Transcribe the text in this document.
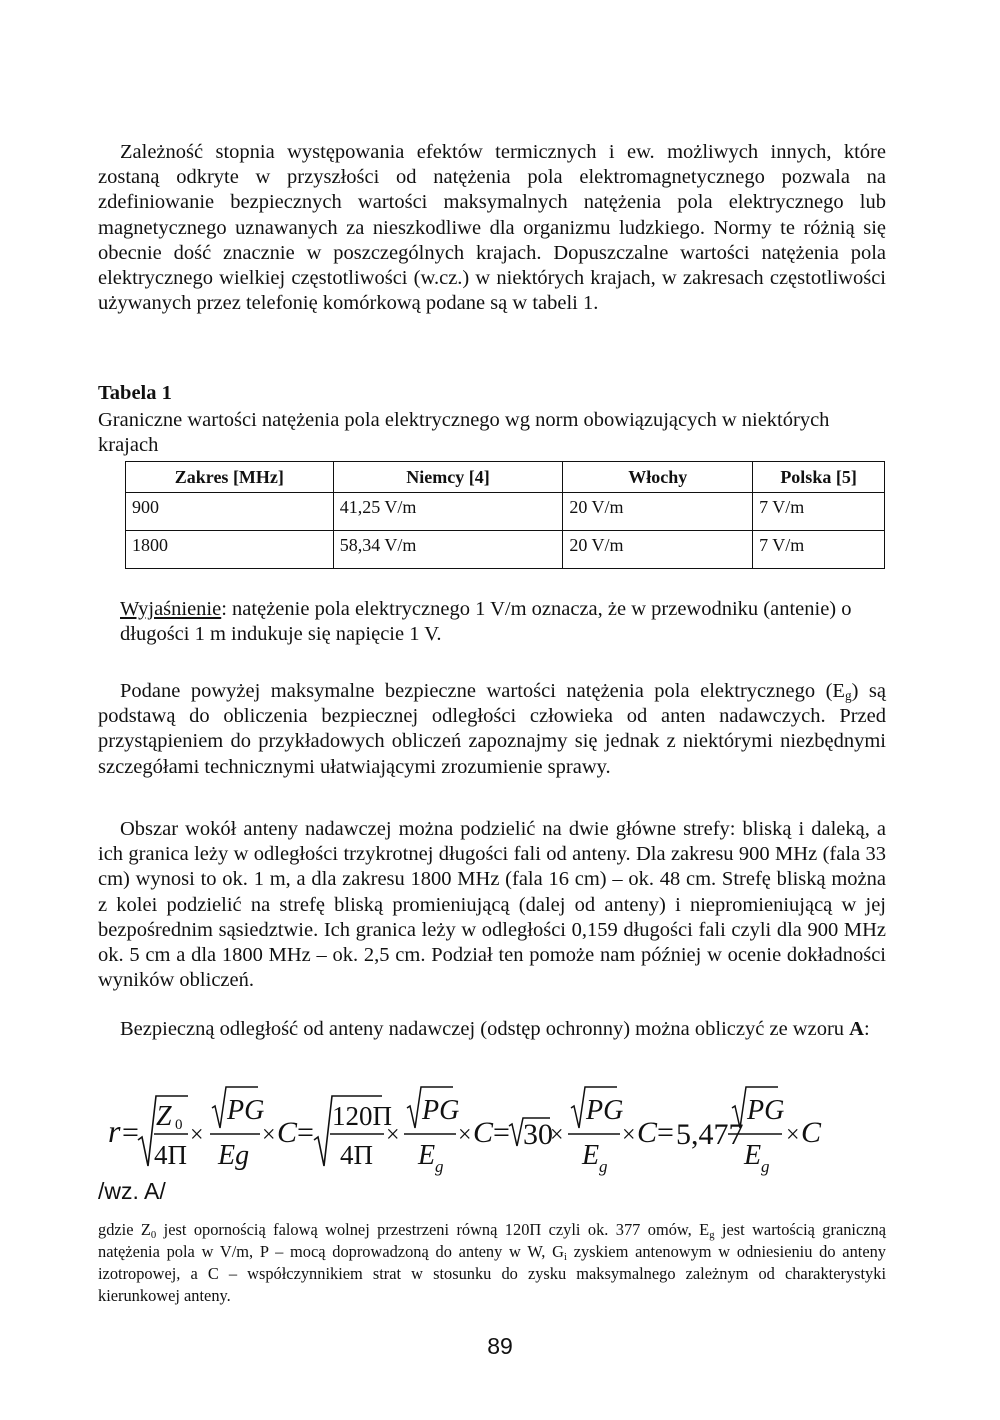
Zależność stopnia występowania efektów termicznych i ew. możliwych innych, które zostaną odkryte w przyszłości od natężenia pola elektromagnetycznego pozwala na zdefiniowanie bezpiecznych wartości maksymalnych natężenia pola elektrycznego lub magnetycznego uznawanych za nieszkodliwe dla organizmu ludzkiego. Normy te różnią się obecnie dość znacznie w poszczególnych krajach. Dopuszczalne wartości natężenia pola elektrycznego wielkiej częstotliwości (w.cz.) w niektórych krajach, w zakresach częstotliwości używanych przez telefonię komórkową podane są w tabeli 1.

Tabela 1

Graniczne wartości natężenia pola elektrycznego wg norm obowiązujących w niektórych krajach

Zakres [MHz]	Niemcy [4]	Włochy	Polska [5]
900	41,25 V/m	20 V/m	7 V/m
1800	58,34 V/m	20 V/m	7 V/m

Wyjaśnienie: natężenie pola elektrycznego 1 V/m oznacza, że w przewodniku (antenie) o długości 1 m indukuje się napięcie 1 V.

Podane powyżej maksymalne bezpieczne wartości natężenia pola elektrycznego $(E_g)$ są podstawą do obliczenia bezpiecznej odległości człowieka od anten nadawczych. Przed przystąpieniem do przykładowych obliczeń zapoznajmy się jednak z niektórymi niezbędnymi szczegółami technicznymi ułatwiającymi zrozumienie sprawy.

Obszar wokół anteny nadawczej można podzielić na dwie główne strefy: bliską i daleką, a ich granica leży w odległości trzykrotnej długości fali od anteny. Dla zakresu 900 MHz (fala 33 cm) wynosi to ok. 1 m, a dla zakresu 1800 MHz (fala 16 cm) – ok. 48 cm. Strefę bliską można z kolei podzielić na strefę bliską promieniującą (dalej od anteny) i niepromieniującą w jej bezpośrednim sąsiedztwie. Ich granica leży w odległości 0,159 długości fali czyli dla 900 MHz ok. 5 cm a dla 1800 MHz – ok. 2,5 cm. Podział ten pomoże nam później w ocenie dokładności wyników obliczeń.

Bezpieczną odległość od anteny nadawczej (odstęp ochronny) można obliczyć ze wzoru A:

r = Z 0
4Π
×
PG
Eg
× C = 120Π
4Π
×
PG
E g
× C = 30
×
PG
E g
× C = 5,477
PG
E g
× C

/wz. A/

gdzie $Z_0$ jest opornością falową wolnej przestrzeni równą 120Π czyli ok. 377 omów, $E_g$ jest wartością graniczną natężenia pola w V/m, P – mocą doprowadzoną do anteny w W, $G_i$ zyskiem antenowym w odniesieniu do anteny izotropowej, a C – współczynnikiem strat w stosunku do zysku maksymalnego zależnym od charakterystyki kierunkowej anteny.

89
